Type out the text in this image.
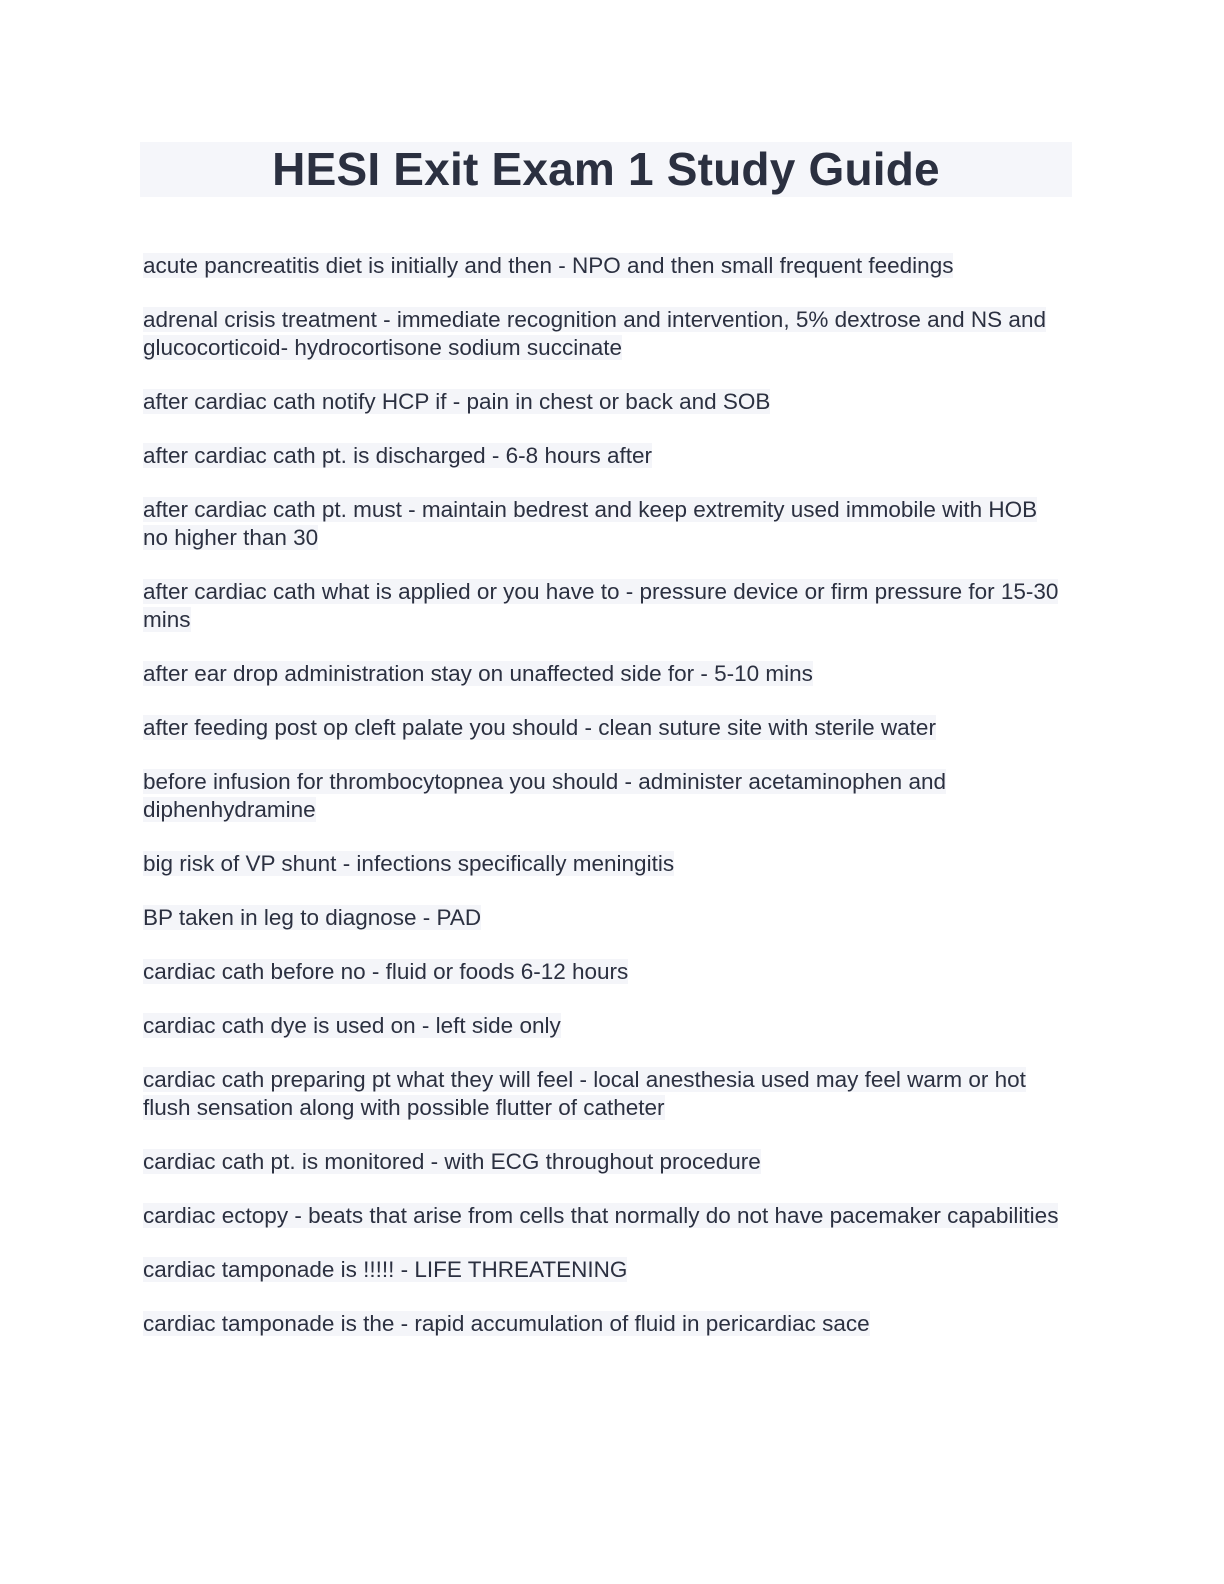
HESI Exit Exam 1 Study Guide

acute pancreatitis diet is initially and then - NPO and then small frequent feedings

adrenal crisis treatment - immediate recognition and intervention, 5% dextrose and NS and glucocorticoid- hydrocortisone sodium succinate

after cardiac cath notify HCP if - pain in chest or back and SOB

after cardiac cath pt. is discharged - 6-8 hours after

after cardiac cath pt. must - maintain bedrest and keep extremity used immobile with HOB no higher than 30

after cardiac cath what is applied or you have to - pressure device or firm pressure for 15-30 mins

after ear drop administration stay on unaffected side for - 5-10 mins

after feeding post op cleft palate you should - clean suture site with sterile water

before infusion for thrombocytopnea you should - administer acetaminophen and diphenhydramine

big risk of VP shunt - infections specifically meningitis

BP taken in leg to diagnose - PAD

cardiac cath before no - fluid or foods 6-12 hours

cardiac cath dye is used on - left side only

cardiac cath preparing pt what they will feel - local anesthesia used may feel warm or hot flush sensation along with possible flutter of catheter

cardiac cath pt. is monitored - with ECG throughout procedure

cardiac ectopy - beats that arise from cells that normally do not have pacemaker capabilities

cardiac tamponade is !!!!! - LIFE THREATENING

cardiac tamponade is the - rapid accumulation of fluid in pericardiac sace
